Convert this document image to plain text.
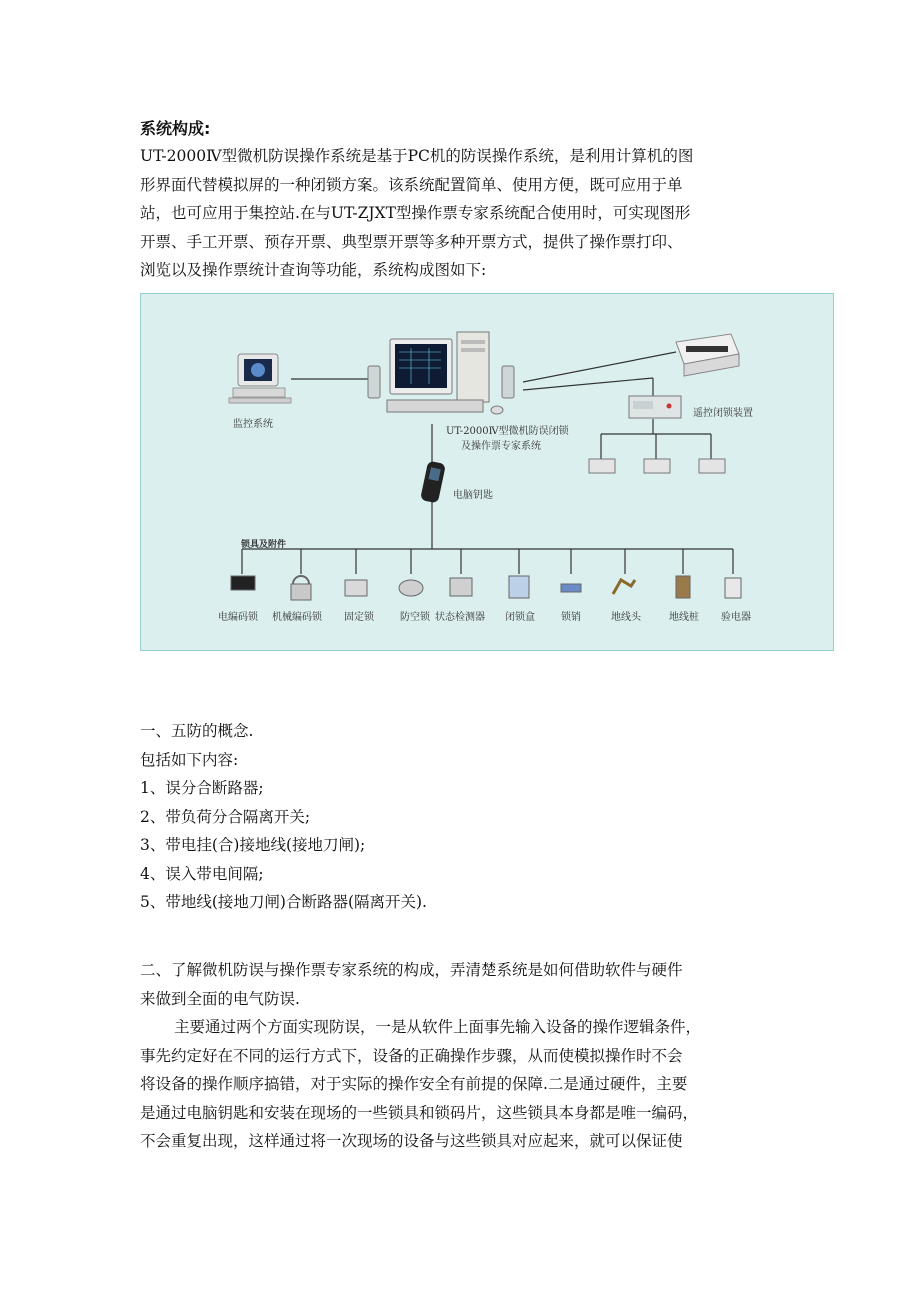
系统构成:

UT-2000Ⅳ型微机防误操作系统是基于PC机的防误操作系统，是利用计算机的图
形界面代替模拟屏的一种闭锁方案。该系统配置简单、使用方便，既可应用于单
站，也可应用于集控站.在与UT-ZJXT型操作票专家系统配合使用时，可实现图形
开票、手工开票、预存开票、典型票开票等多种开票方式，提供了操作票打印、
浏览以及操作票统计查询等功能，系统构成图如下:

监控系统
遥控闭锁装置
UT-2000Ⅳ型微机防误闭锁
及操作票专家系统
电脑钥匙
锁具及附件
电编码锁 机械编码锁 固定锁	防空锁 状态检测器 闭锁盒	锁销	地线头	地线桩 验电器

一、五防的概念.
包括如下内容:
1、误分合断路器;
2、带负荷分合隔离开关;
3、带电挂(合)接地线(接地刀闸);
4、误入带电间隔;
5、带地线(接地刀闸)合断路器(隔离开关).

二、了解微机防误与操作票专家系统的构成，弄清楚系统是如何借助软件与硬件
来做到全面的电气防误.

主要通过两个方面实现防误，一是从软件上面事先输入设备的操作逻辑条件，
事先约定好在不同的运行方式下，设备的正确操作步骤，从而使模拟操作时不会
将设备的操作顺序搞错，对于实际的操作安全有前提的保障.二是通过硬件，主要
是通过电脑钥匙和安装在现场的一些锁具和锁码片，这些锁具本身都是唯一编码，
不会重复出现，这样通过将一次现场的设备与这些锁具对应起来，就可以保证使
